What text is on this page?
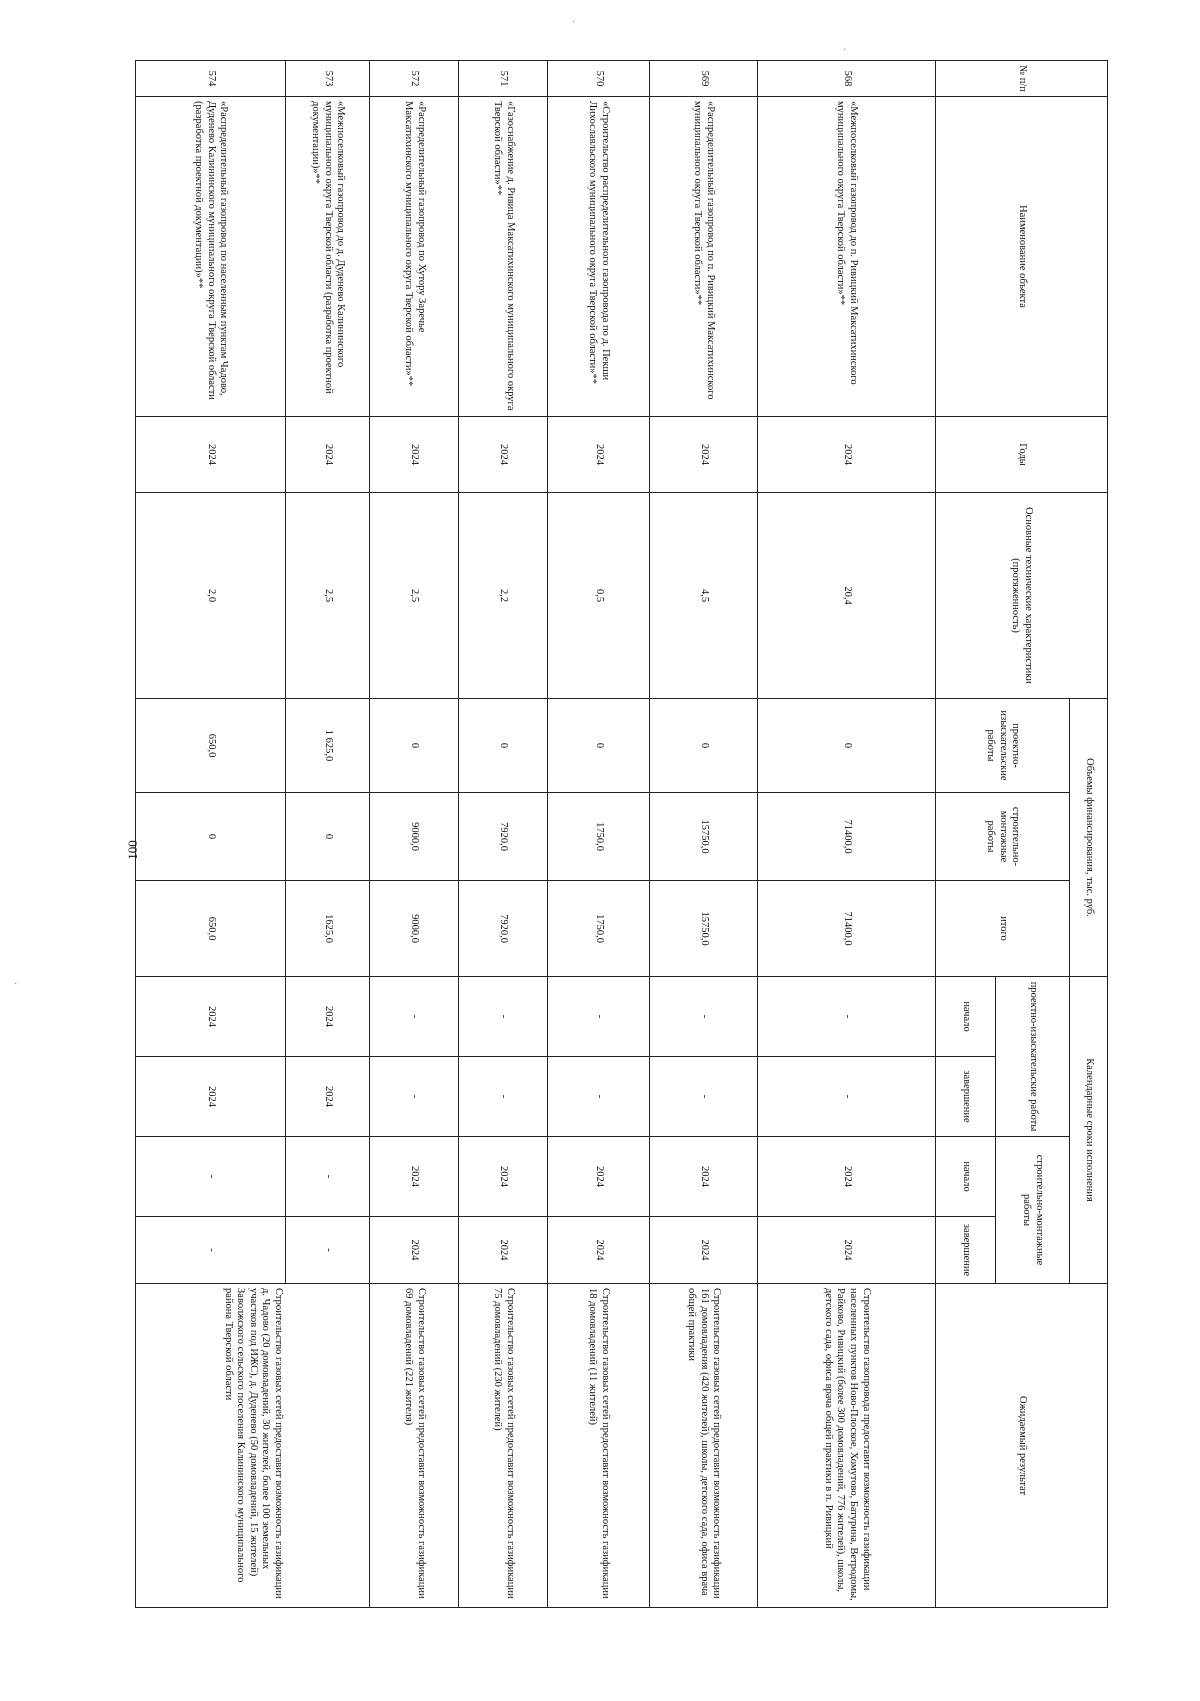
100
·
·
·
·
№ п/п	Наименование объекта	Годы	Основные технические характеристики (протяженность)	Объемы финансирования, тыс. руб.			Календарные сроки исполнения				Ожидаемый результат
				проектно-изыскательские работы	строительно-монтажные работы	итого	проектно-изыскательские работы		строительно-монтажные работы		
							начало	завершение	начало	завершение	
568	«Межпоселковый газопровод до п. Ривицкий Максатихинского муниципального округа Тверской области»**	2024	20,4	0	71400,0	71400,0	-	-	2024	2024	Строительство газопровода предоставит возможность газификации населенных пунктов Ново-Плоское, Хомутово, Батурина, Ветродомы, Райково, Ривицкий (более 300 домовладений, 776 жителей), школы, детского сада, офиса врача общей практики в п. Ривицкий
569	«Распределительный газопровод по п. Ривицкий Максатихинского муниципального округа Тверской области»**	2024	4,5	0	15750,0	15750,0	-	-	2024	2024	Строительство газовых сетей предоставит возможность газификации 161 домовладения (420 жителей), школы, детского сада, офиса врача общей практики
570	«Строительство распределительного газопровода по д. Пекши Лихославльского муниципального округа Тверской области»**	2024	0,5	0	1750,0	1750,0	-	-	2024	2024	Строительство газовых сетей предоставит возможность газификации 18 домовладений (11 жителей)
571	«Газоснабжение д. Ривица Максатихинского муниципального округа Тверской области»**	2024	2,2	0	7920,0	7920,0	-	-	2024	2024	Строительство газовых сетей предоставит возможность газификации 75 домовладений (230 жителей)
572	«Распределительный газопровод по Хутору Заречье Максатихинского муниципального округа Тверской области»**	2024	2,5	0	9000,0	9000,0	-	-	2024	2024	Строительство газовых сетей предоставит возможность газификации 69 домовладений (221 жителя)
573	«Межпоселковый газопровод до д. Дуденево Калининского муниципального округа Тверской области (разработка проектной документации)»**	2024	2,5	1 625,0	0	1625,0	2024	2024	-	-	Строительство газовых сетей предоставит возможность газификации д. Чадово (20 домовладений, 30 жителей, более 100 земельных участков под ИЖС), д. Дуденево (50 домовладений, 15 жителей) Заволжского сельского поселения Калининского муниципального района Тверской области
574	«Распределительный газопровод по населенным пунктам Чадово, Дуденево Калининского муниципального округа Тверской области (разработка проектной документации)»**	2024	2,0	650,0	0	650,0	2024	2024	-	-	
